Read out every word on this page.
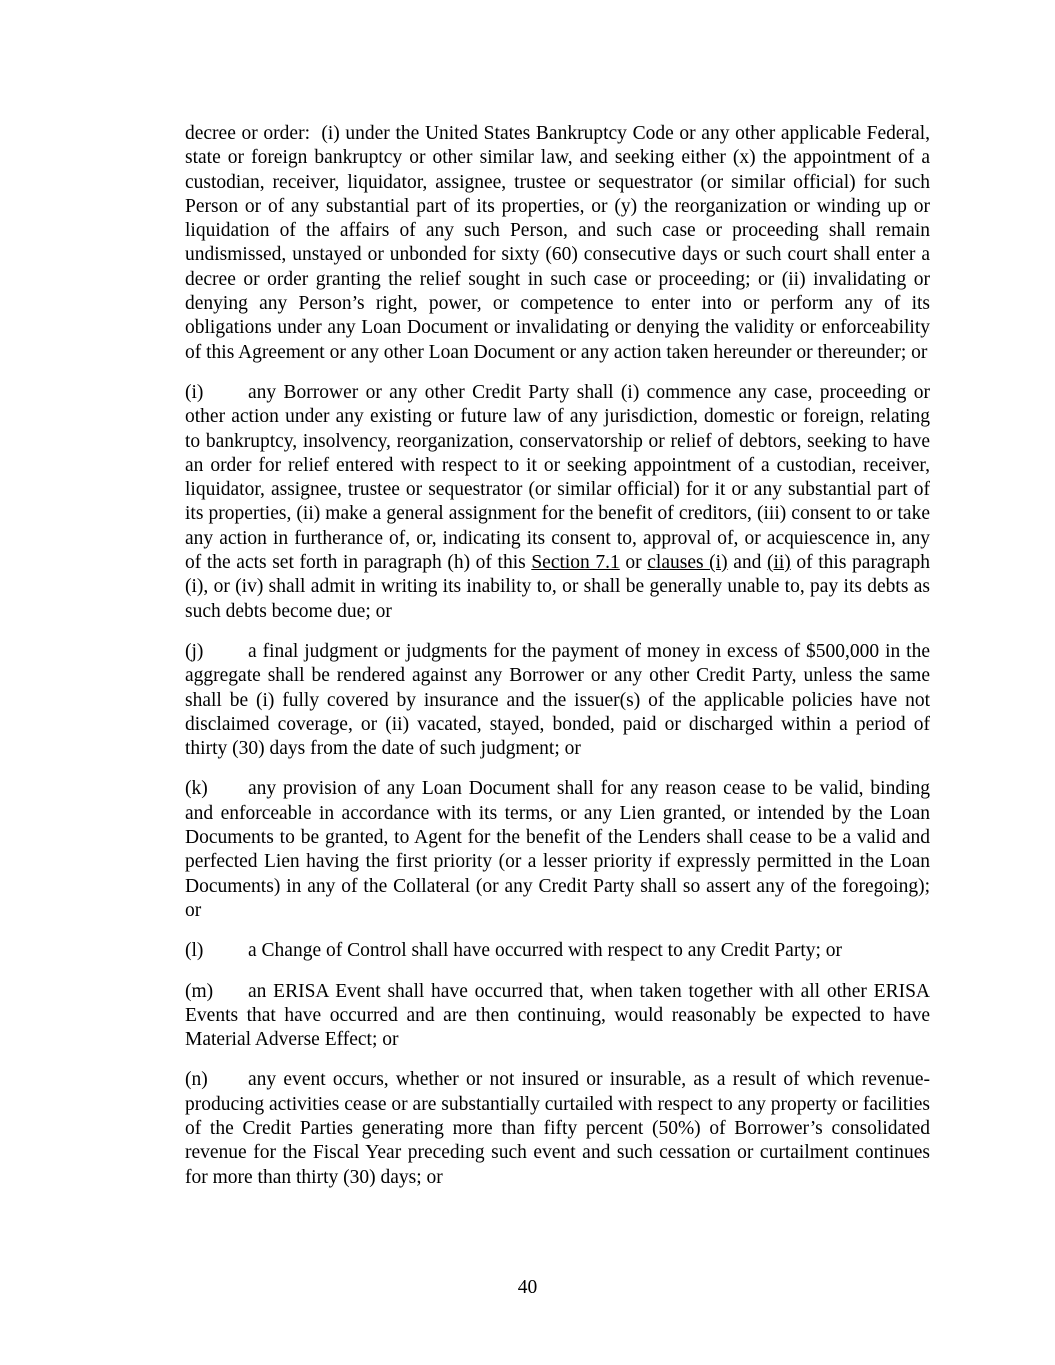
decree or order:  (i) under the United States Bankruptcy Code or any other applicable Federal, state or foreign bankruptcy or other similar law, and seeking either (x) the appointment of a custodian, receiver, liquidator, assignee, trustee or sequestrator (or similar official) for such Person or of any substantial part of its properties, or (y) the reorganization or winding up or liquidation of the affairs of any such Person, and such case or proceeding shall remain undismissed, unstayed or unbonded for sixty (60) consecutive days or such court shall enter a decree or order granting the relief sought in such case or proceeding; or (ii) invalidating or denying any Person’s right, power, or competence to enter into or perform any of its obligations under any Loan Document or invalidating or denying the validity or enforceability of this Agreement or any other Loan Document or any action taken hereunder or thereunder; or

(i) any Borrower or any other Credit Party shall (i) commence any case, proceeding or other action under any existing or future law of any jurisdiction, domestic or foreign, relating to bankruptcy, insolvency, reorganization, conservatorship or relief of debtors, seeking to have an order for relief entered with respect to it or seeking appointment of a custodian, receiver, liquidator, assignee, trustee or sequestrator (or similar official) for it or any substantial part of its properties, (ii) make a general assignment for the benefit of creditors, (iii) consent to or take any action in furtherance of, or, indicating its consent to, approval of, or acquiescence in, any of the acts set forth in paragraph (h) of this Section 7.1 or clauses (i) and (ii) of this paragraph (i), or (iv) shall admit in writing its inability to, or shall be generally unable to, pay its debts as such debts become due; or

(j) a final judgment or judgments for the payment of money in excess of $500,000 in the aggregate shall be rendered against any Borrower or any other Credit Party, unless the same shall be (i) fully covered by insurance and the issuer(s) of the applicable policies have not disclaimed coverage, or (ii) vacated, stayed, bonded, paid or discharged within a period of thirty (30) days from the date of such judgment; or

(k) any provision of any Loan Document shall for any reason cease to be valid, binding and enforceable in accordance with its terms, or any Lien granted, or intended by the Loan Documents to be granted, to Agent for the benefit of the Lenders shall cease to be a valid and perfected Lien having the first priority (or a lesser priority if expressly permitted in the Loan Documents) in any of the Collateral (or any Credit Party shall so assert any of the foregoing); or

(l) a Change of Control shall have occurred with respect to any Credit Party; or

(m) an ERISA Event shall have occurred that, when taken together with all other ERISA Events that have occurred and are then continuing, would reasonably be expected to have Material Adverse Effect; or

(n) any event occurs, whether or not insured or insurable, as a result of which revenue-producing activities cease or are substantially curtailed with respect to any property or facilities of the Credit Parties generating more than fifty percent (50%) of Borrower’s consolidated revenue for the Fiscal Year preceding such event and such cessation or curtailment continues for more than thirty (30) days; or

40
